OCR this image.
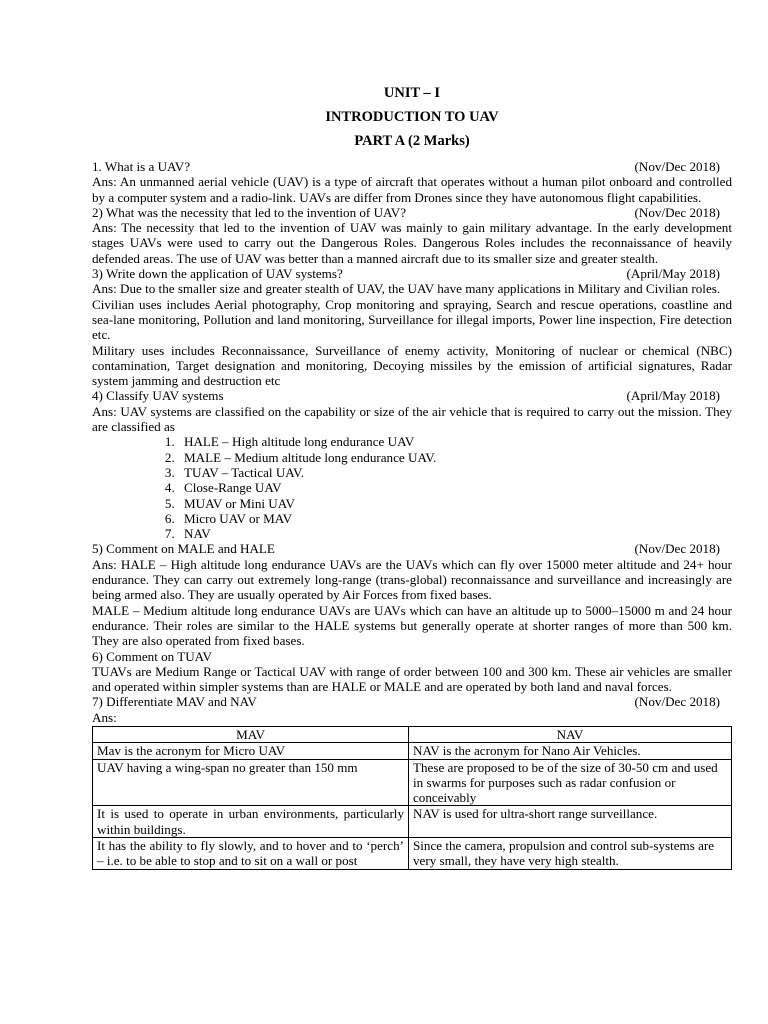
UNIT – I
INTRODUCTION TO UAV
PART A (2 Marks)
1. What is a UAV?	(Nov/Dec 2018)

Ans: An unmanned aerial vehicle (UAV) is a type of aircraft that operates without a human pilot onboard and controlled by a computer system and a radio-link. UAVs are differ from Drones since they have autonomous flight capabilities.

2) What was the necessity that led to the invention of UAV?	(Nov/Dec 2018)

Ans: The necessity that led to the invention of UAV was mainly to gain military advantage. In the early development stages UAVs were used to carry out the Dangerous Roles. Dangerous Roles includes the reconnaissance of heavily defended areas. The use of UAV was better than a manned aircraft due to its smaller size and greater stealth.

3) Write down the application of UAV systems?	(April/May 2018)

Ans: Due to the smaller size and greater stealth of UAV, the UAV have many applications in Military and Civilian roles.

Civilian uses includes Aerial photography, Crop monitoring and spraying, Search and rescue operations, coastline and sea-lane monitoring, Pollution and land monitoring, Surveillance for illegal imports, Power line inspection, Fire detection etc.

Military uses includes Reconnaissance, Surveillance of enemy activity, Monitoring of nuclear or chemical (NBC) contamination, Target designation and monitoring, Decoying missiles by the emission of artificial signatures, Radar system jamming and destruction etc

4) Classify UAV systems	(April/May 2018)

Ans: UAV systems are classified on the capability or size of the air vehicle that is required to carry out the mission. They are classified as

1. HALE – High altitude long endurance UAV
2. MALE – Medium altitude long endurance UAV.
3. TUAV – Tactical UAV.
4. Close-Range UAV
5. MUAV or Mini UAV
6. Micro UAV or MAV
7. NAV
5) Comment on MALE and HALE	(Nov/Dec 2018)

Ans: HALE – High altitude long endurance UAVs are the UAVs which can fly over 15000 meter altitude and 24+ hour endurance. They can carry out extremely long-range (trans-global) reconnaissance and surveillance and increasingly are being armed also. They are usually operated by Air Forces from fixed bases.

MALE – Medium altitude long endurance UAVs are UAVs which can have an altitude up to 5000–15000 m and 24 hour endurance. Their roles are similar to the HALE systems but generally operate at shorter ranges of more than 500 km. They are also operated from fixed bases.

6) Comment on TUAV

TUAVs are Medium Range or Tactical UAV with range of order between 100 and 300 km. These air vehicles are smaller and operated within simpler systems than are HALE or MALE and are operated by both land and naval forces.

7) Differentiate MAV and NAV	(Nov/Dec 2018)

Ans:

MAV	NAV
Mav is the acronym for Micro UAV	NAV is the acronym for Nano Air Vehicles.
UAV having a wing-span no greater than 150 mm	These are proposed to be of the size of 30-50 cm and used in swarms for purposes such as radar confusion or conceivably
It is used to operate in urban environments, particularly within buildings.	NAV is used for ultra-short range surveillance.
It has the ability to fly slowly, and to hover and to ‘perch’ – i.e. to be able to stop and to sit on a wall or post	Since the camera, propulsion and control sub-systems are very small, they have very high stealth.
